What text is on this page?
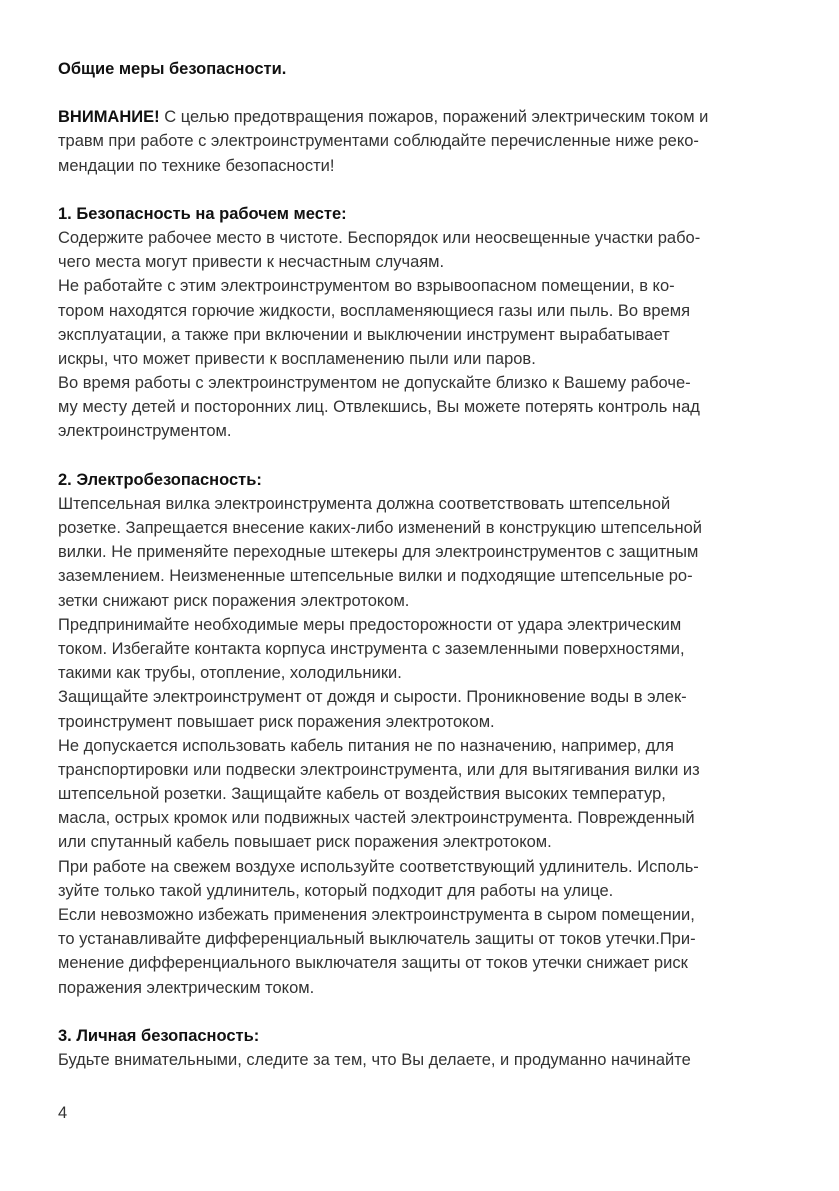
Общие меры безопасности.
ВНИМАНИЕ! С целью предотвращения пожаров, поражений электрическим током и
травм при работе с электроинструментами соблюдайте перечисленные ниже реко-
мендации по технике безопасности!
1. Безопасность на рабочем месте:
Содержите рабочее место в чистоте. Беспорядок или неосвещенные участки рабо-
чего места могут привести к несчастным случаям.
Не работайте с этим электроинструментом во взрывоопасном помещении, в ко-
тором находятся горючие жидкости, воспламеняющиеся газы или пыль. Во время
эксплуатации, а также при включении и выключении инструмент вырабатывает
искры, что может привести к воспламенению пыли или паров.
Во время работы с электроинструментом не допускайте близко к Вашему рабоче-
му месту детей и посторонних лиц. Отвлекшись, Вы можете потерять контроль над
электроинструментом.
2. Электробезопасность:
Штепсельная вилка электроинструмента должна соответствовать штепсельной
розетке. Запрещается внесение каких-либо изменений в конструкцию штепсельной
вилки. Не применяйте переходные штекеры для электроинструментов с защитным
заземлением. Неизмененные штепсельные вилки и подходящие штепсельные ро-
зетки снижают риск поражения электротоком.
Предпринимайте необходимые меры предосторожности от удара электрическим
током. Избегайте контакта корпуса инструмента с заземленными поверхностями,
такими как трубы, отопление, холодильники.
Защищайте электроинструмент от дождя и сырости. Проникновение воды в элек-
троинструмент повышает риск поражения электротоком.
Не допускается использовать кабель питания не по назначению, например, для
транспортировки или подвески электроинструмента, или для вытягивания вилки из
штепсельной розетки. Защищайте кабель от воздействия высоких температур,
масла, острых кромок или подвижных частей электроинструмента. Поврежденный
или спутанный кабель повышает риск поражения электротоком.
При работе на свежем воздухе используйте соответствующий удлинитель. Исполь-
зуйте только такой удлинитель, который подходит для работы на улице.
Если невозможно избежать применения электроинструмента в сыром помещении,
то устанавливайте дифференциальный выключатель защиты от токов утечки.При-
менение дифференциального выключателя защиты от токов утечки снижает риск
поражения электрическим током.
3. Личная безопасность:
Будьте внимательными, следите за тем, что Вы делаете, и продуманно начинайте
4
